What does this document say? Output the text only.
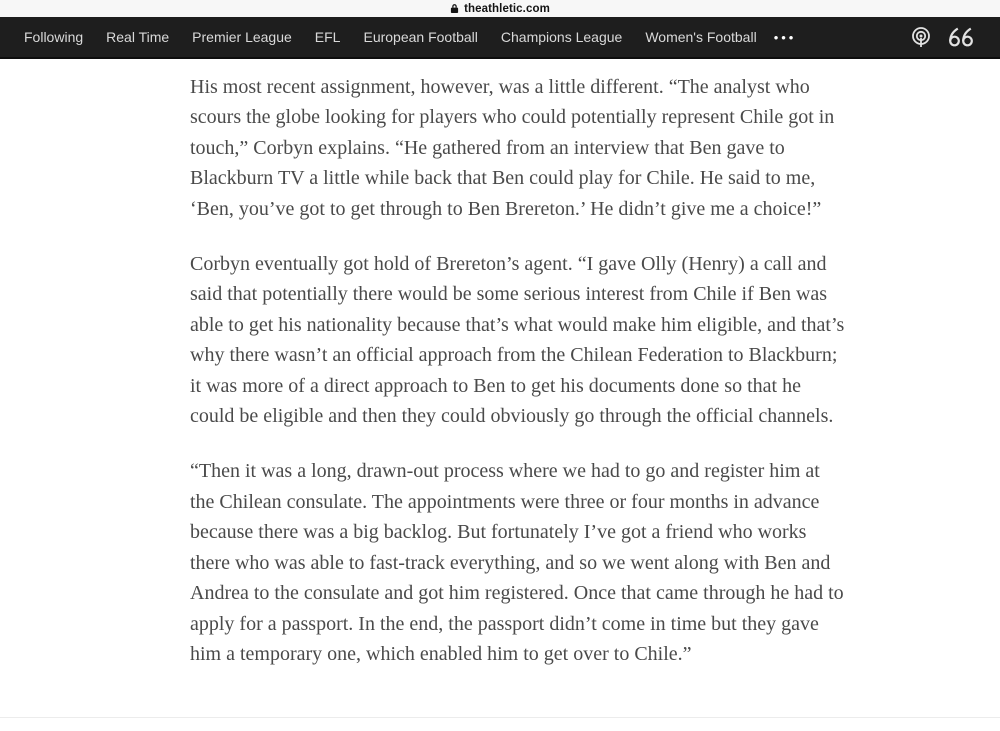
theathletic.com
Following Real Time Premier League EFL European Football Champions League Women's Football •••

His most recent assignment, however, was a little different. “The analyst who scours the globe looking for players who could potentially represent Chile got in touch,” Corbyn explains. “He gathered from an interview that Ben gave to Blackburn TV a little while back that Ben could play for Chile. He said to me, ‘Ben, you’ve got to get through to Ben Brereton.’ He didn’t give me a choice!”

Corbyn eventually got hold of Brereton’s agent. “I gave Olly (Henry) a call and said that potentially there would be some serious interest from Chile if Ben was able to get his nationality because that’s what would make him eligible, and that’s why there wasn’t an official approach from the Chilean Federation to Blackburn; it was more of a direct approach to Ben to get his documents done so that he could be eligible and then they could obviously go through the official channels.

“Then it was a long, drawn-out process where we had to go and register him at the Chilean consulate. The appointments were three or four months in advance because there was a big backlog. But fortunately I’ve got a friend who works there who was able to fast-track everything, and so we went along with Ben and Andrea to the consulate and got him registered. Once that came through he had to apply for a passport. In the end, the passport didn’t come in time but they gave him a temporary one, which enabled him to get over to Chile.”
